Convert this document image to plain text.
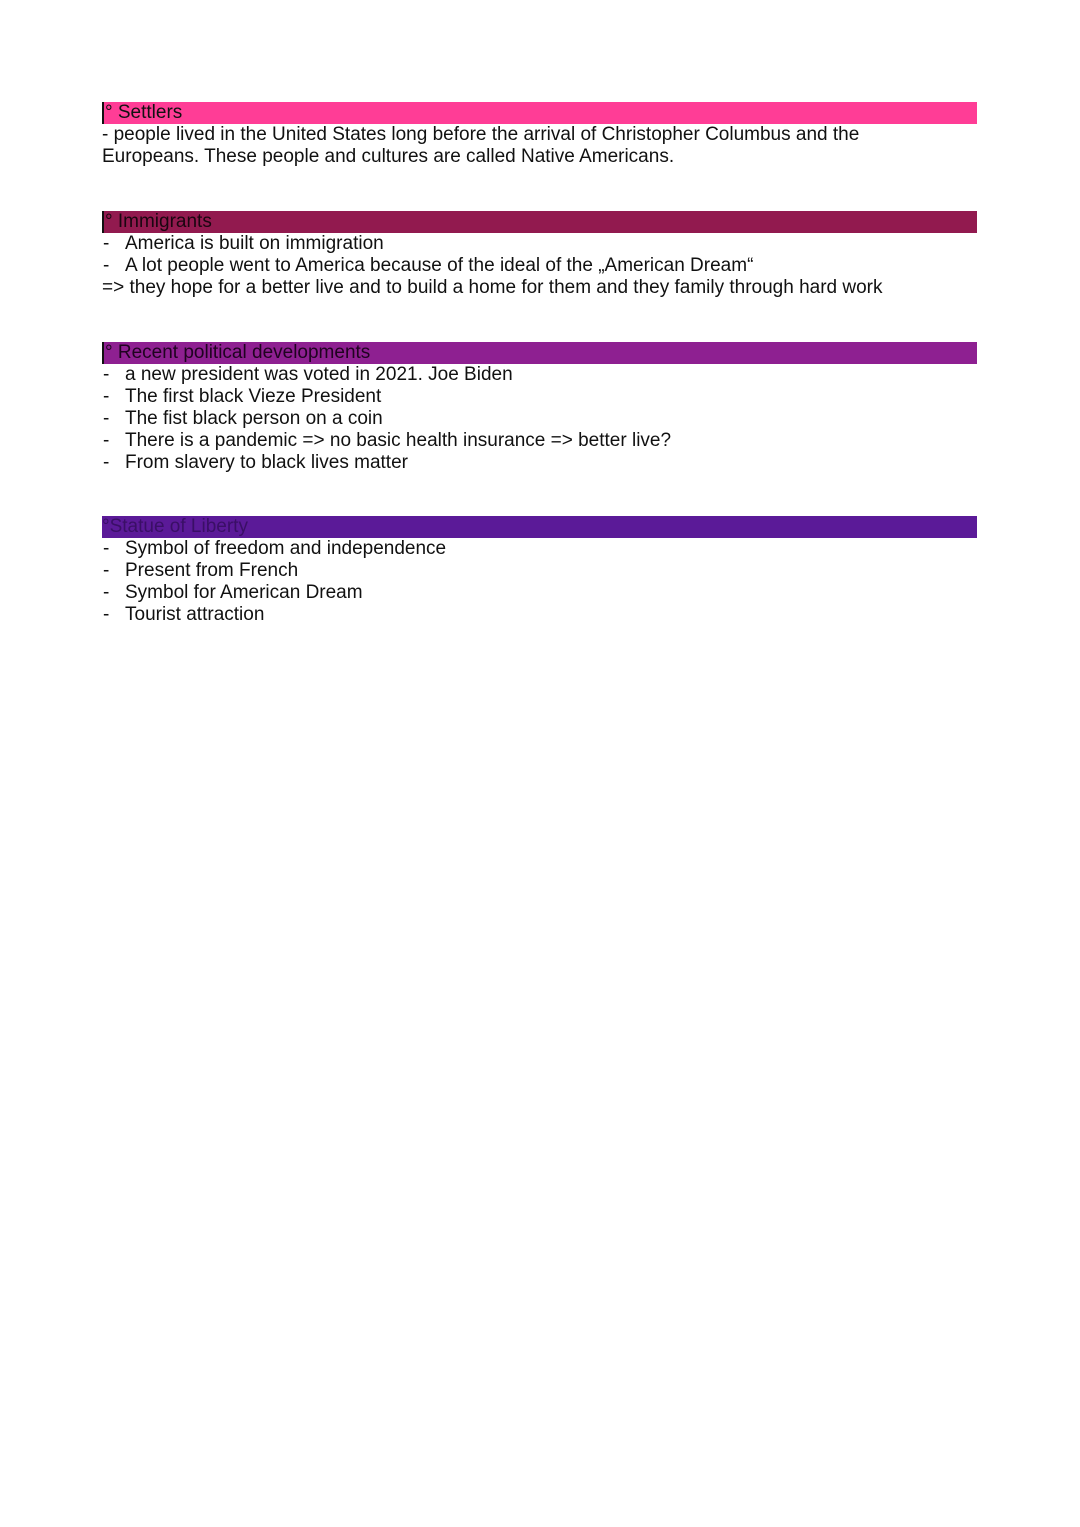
° Settlers
- people lived in the United States long before the arrival of Christopher Columbus and the
Europeans. These people and cultures are called Native Americans.
° Immigrants
- America is built on immigration
- A lot people went to America because of the ideal of the „American Dream“
=> they hope for a better live and to build a home for them and they family through hard work
° Recent political developments
- a new president was voted in 2021. Joe Biden
- The first black Vieze President
- The fist black person on a coin
- There is a pandemic => no basic health insurance => better live?
- From slavery to black lives matter
°Statue of Liberty
- Symbol of freedom and independence
- Present from French
- Symbol for American Dream
- Tourist attraction
